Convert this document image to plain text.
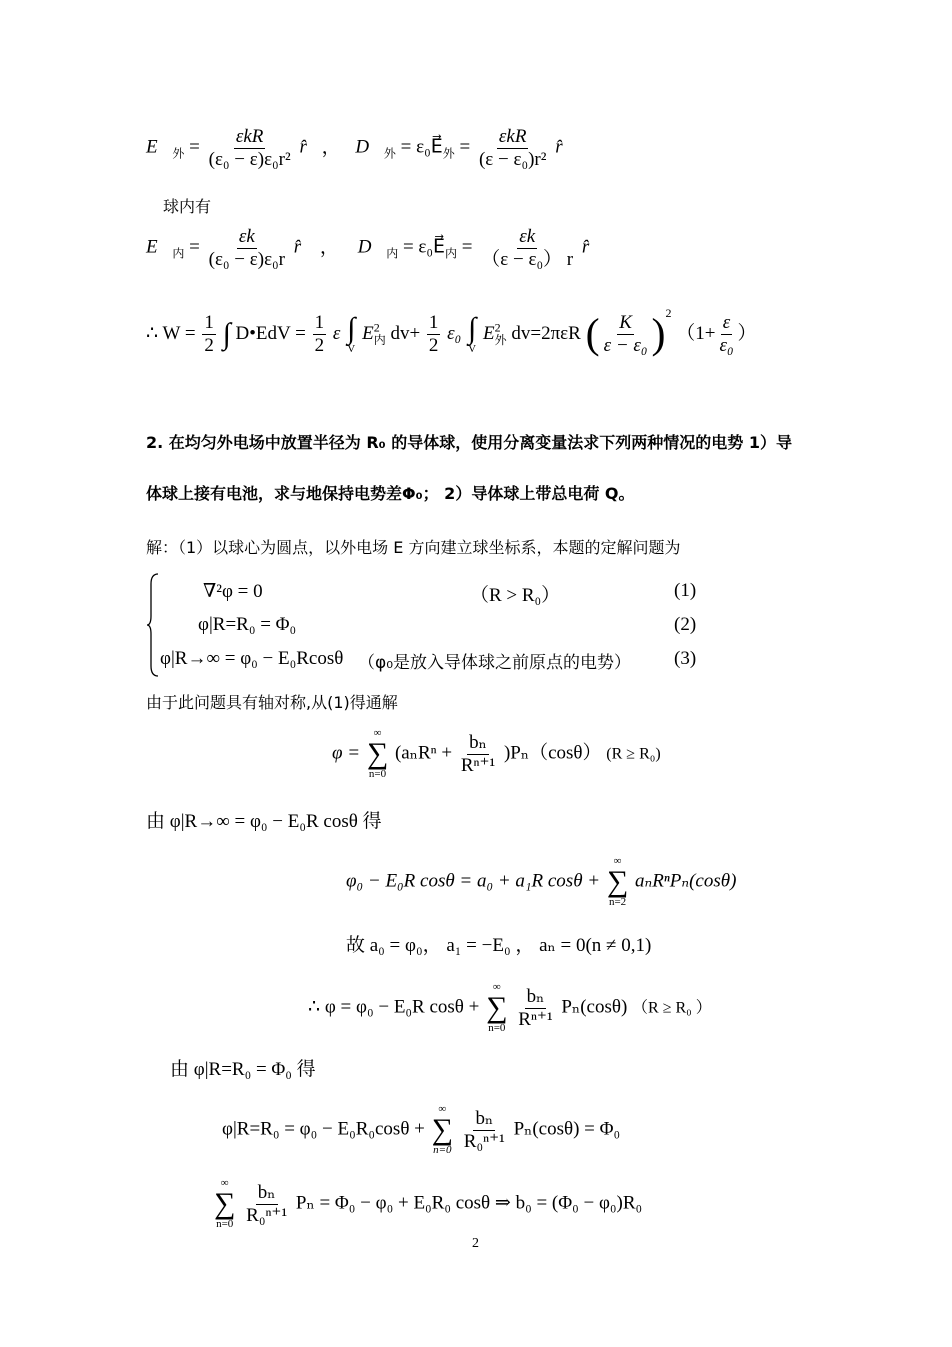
$E⃗_外 = \frac{\text{εkR}}{\text{(ε₀ − ε)ε₀r²}}$ r̂ ， $D⃗_外 = \varepsilon_0E_外 = \frac{\text{εkR}}{\text{(ε − ε₀)r²}}$ r̂
球内有
$E⃗_内 = \frac{\varepsilon k}{\text{(ε₀ − ε)ε₀r}}$ r̂ ， $D⃗_内 = \varepsilon_0E_内 = \frac{\varepsilon k}{\text{（ε − ε₀） r}}$ r̂
∴ $W = \frac{1}{2}$ ∫ D•EdV = $\frac{1}{2}$ ε ∫
V
$E^2_内$ $dv+ \frac{1}{2} \varepsilon_0$ ∫
V
$E^2_外$ dv=2πεR ( $\frac{K}{\text{ε − ε₀}} )^2$ （$1+ \frac{\varepsilon}{\text{ε₀}}$ ）
2. 在均匀外电场中放置半径为 R₀ 的导体球，使用分离变量法求下列两种情况的电势 1）导
体球上接有电池，求与地保持电势差Φ₀； 2）导体球上带总电荷 Q。
解：（1）以球心为圆点，以外电场 E 方向建立球坐标系，本题的定解问题为
∇²φ = 0	（R > R₀）	(1)
φ|R=R₀ = Φ₀	(2)
φ|R→∞ = φ₀ − E₀Rcosθ （φ₀是放入导体球之前原点的电势） (3)
由于此问题具有轴对称,从(1)得通解
φ =
∞
∑
n=0
$(a_nR^n + \frac{\text{bₙ}}{\text{Rⁿ⁺¹}} )P_n(\cos\theta) (R \ge R_0)$
由 φ|R→∞ = φ₀ − E₀R cosθ 得
φ₀ − E₀R cosθ = a₀ + a₁R cosθ +
∞
∑
n=2
aₙRⁿPₙ(cosθ)
故 a₀ = φ₀， a₁ = −E₀ ， aₙ = 0(n ≠ 0,1)
∴ φ = φ₀ − E₀R cosθ +
∞
∑
n=0
$\frac{\text{bₙ}}{\text{Rⁿ⁺¹}} P_n(\cos\theta) (R \ge R_0$ ）
由 φ|R=R₀ = Φ₀ 得
φ|R=R₀ = φ₀ − E₀R₀cosθ +
∞
∑
n=0
$\frac{\text{bₙ}}{\text{R₀ⁿ⁺¹}} P_n(\cos\theta) = \Phi_0$
∞
∑
n=0
$\frac{\text{bₙ}}{\text{R₀ⁿ⁺¹}}$ Pₙ = Φ₀ − φ₀ + E₀R₀ cosθ ⇒ b₀ = (Φ₀ − φ₀)R₀
2
